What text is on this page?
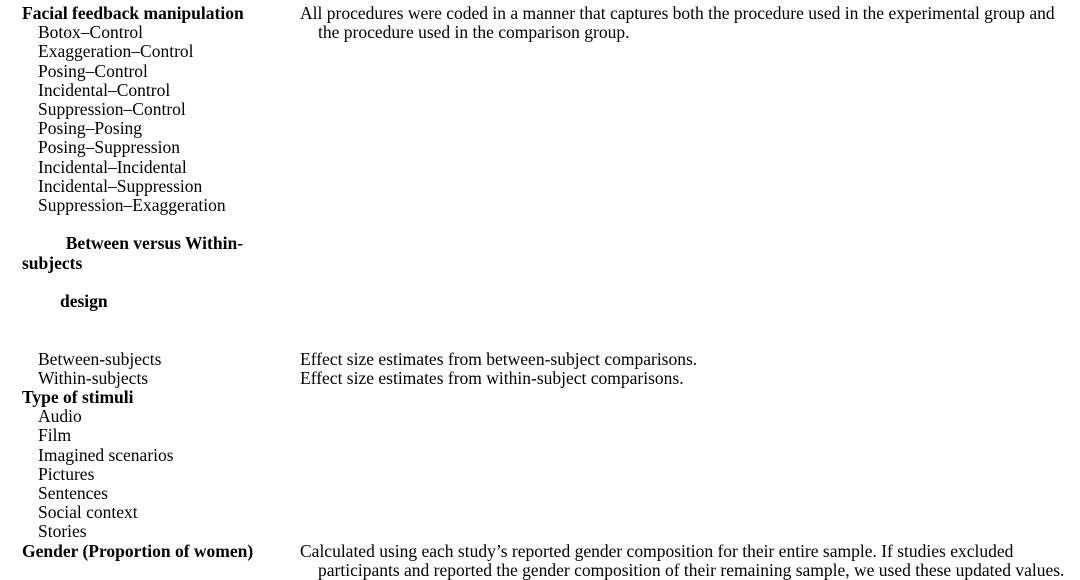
Facial feedback manipulation	All procedures were coded in a manner that captures both the procedure used in the experimental group and the procedure used in the comparison group.

Botox–Control	
Exaggeration–Control	
Posing–Control	
Incidental–Control	
Suppression–Control	
Posing–Posing	
Posing–Suppression	
Incidental–Incidental	
Incidental–Suppression	
Suppression–Exaggeration	

Between versus Within-subjects

design	

Between-subjects	Effect size estimates from between-subject comparisons.

Within-subjects	Effect size estimates from within-subject comparisons.

Type of stimuli	
Audio	
Film	
Imagined scenarios	
Pictures	
Sentences	
Social context	
Stories	
Gender (Proportion of women)	Calculated using each study’s reported gender composition for their entire sample. If studies excluded participants and reported the gender composition of their remaining sample, we used these updated values.
